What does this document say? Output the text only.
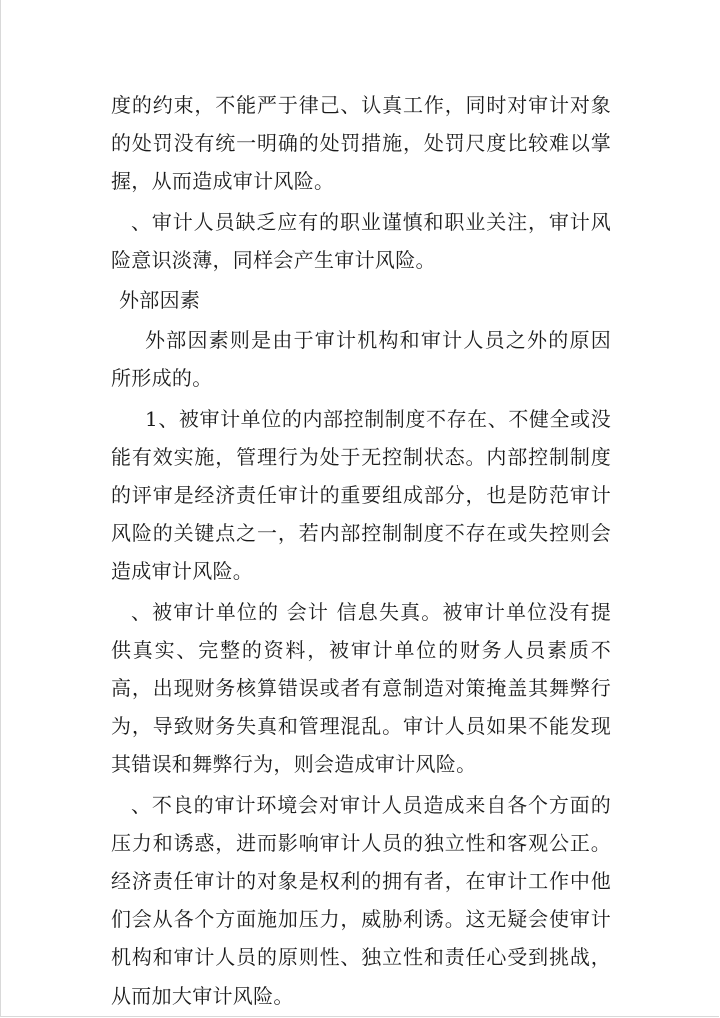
度的约束，不能严于律己、认真工作，同时对审计对象的处罚没有统一明确的处罚措施，处罚尺度比较难以掌握，从而造成审计风险。

、审计人员缺乏应有的职业谨慎和职业关注，审计风险意识淡薄，同样会产生审计风险。

外部因素

外部因素则是由于审计机构和审计人员之外的原因所形成的。

1、被审计单位的内部控制制度不存在、不健全或没能有效实施，管理行为处于无控制状态。内部控制制度的评审是经济责任审计的重要组成部分，也是防范审计风险的关键点之一，若内部控制制度不存在或失控则会造成审计风险。

、被审计单位的 会计 信息失真。被审计单位没有提供真实、完整的资料，被审计单位的财务人员素质不高，出现财务核算错误或者有意制造对策掩盖其舞弊行为，导致财务失真和管理混乱。审计人员如果不能发现其错误和舞弊行为，则会造成审计风险。

、不良的审计环境会对审计人员造成来自各个方面的压力和诱惑，进而影响审计人员的独立性和客观公正。经济责任审计的对象是权利的拥有者，在审计工作中他们会从各个方面施加压力，威胁利诱。这无疑会使审计机构和审计人员的原则性、独立性和责任心受到挑战，从而加大审计风险。
